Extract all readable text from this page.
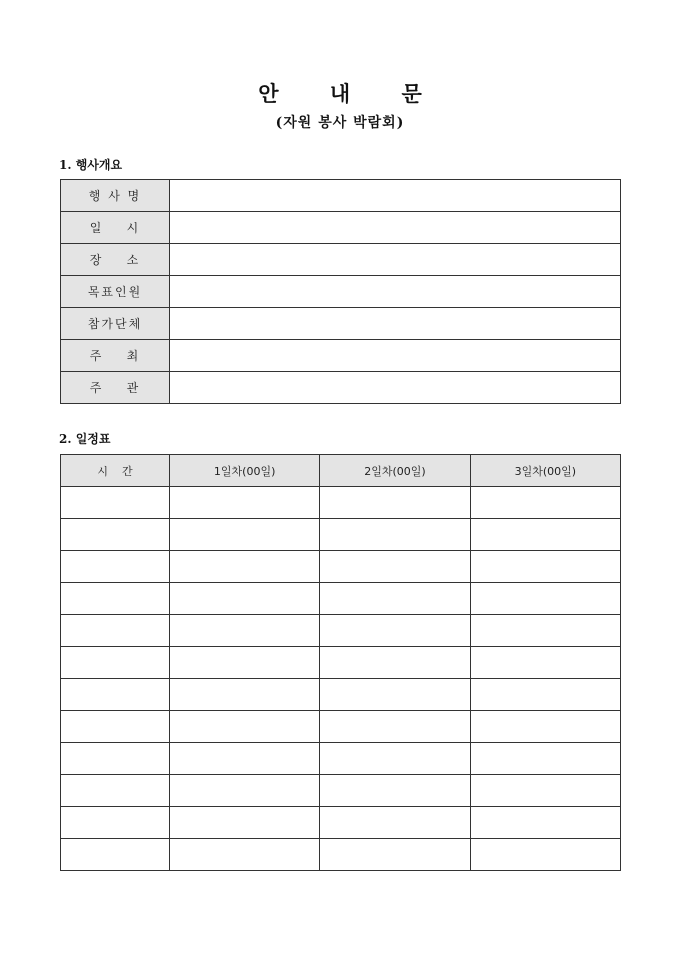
안 내 문
(자원 봉사 박람회)
1. 행사개요
행 사 명	
일    시	
장    소	
목표인원	
참가단체	
주    최	
주    관	
2. 일정표
시    간	1일차(00일)	2일차(00일)	3일차(00일)
